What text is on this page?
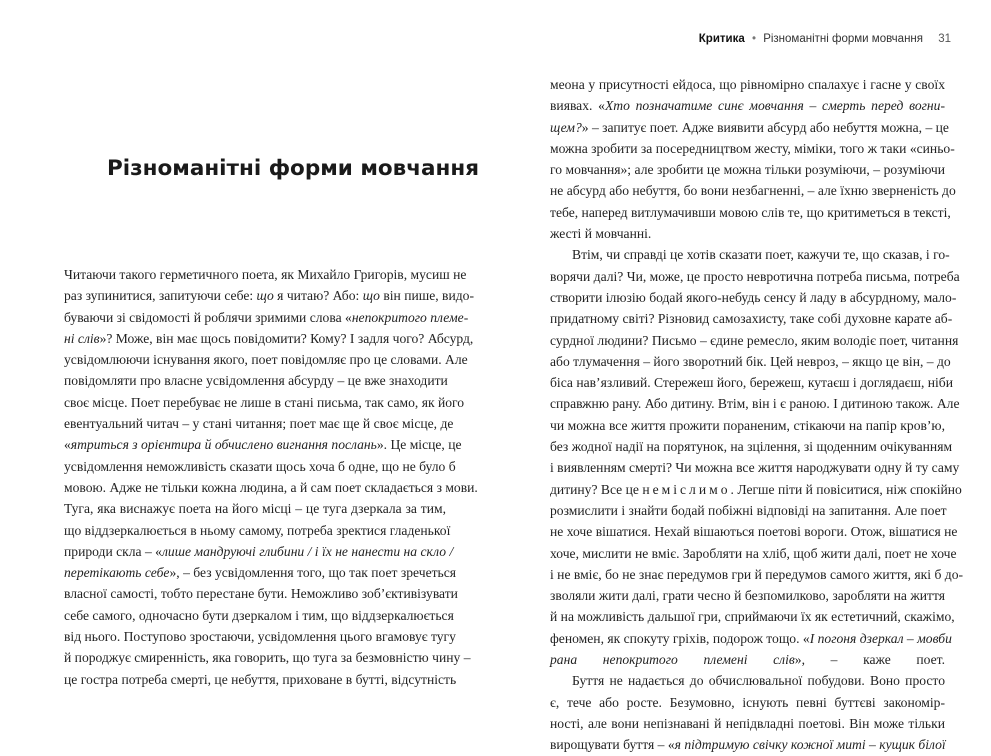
Різноманітні форми мовчання
Читаючи такого герметичного поета, як Михайло Григорів, мусиш не
раз зупинитися, запитуючи себе: що я читаю? Або: що він пише, видо-
буваючи зі свідомості й роблячи зримими слова «непокритого племе-
ні слів»? Може, він має щось повідомити? Кому? І задля чого? Абсурд,
усвідомлюючи існування якого, поет повідомляє про це словами. Але
повідомляти про власне усвідомлення абсурду – це вже знаходити
своє місце. Поет перебуває не лише в стані письма, так само, як його
евентуальний читач – у стані читання; поет має ще й своє місце, де
«ятриться з орієнтира й обчислено вигнання послань». Це місце, це
усвідомлення неможливість сказати щось хоча б одне, що не було б
мовою. Адже не тільки кожна людина, а й сам поет складається з мови.
Туга, яка виснажує поета на його місці – це туга дзеркала за тим,
що віддзеркалюється в ньому самому, потреба зректися гладенької
природи скла – «лише мандруючі глибини / і їх не нанести на скло /
перетікають себе», – без усвідомлення того, що так поет зречеться
власної самості, тобто перестане бути. Неможливо зоб’єктивізувати
себе самого, одночасно бути дзеркалом і тим, що віддзеркалюється
від нього. Поступово зростаючи, усвідомлення цього вгамовує тугу
й породжує смиренність, яка говорить, що туга за безмовністю чину –
це гостра потреба смерті, це небуття, приховане в бутті, відсутність
Критика • Різноманітні форми мовчання 31
меона у присутності ейдоса, що рівномірно спалахує і гасне у своїх
виявах. «Хто позначатиме синє мовчання – смерть перед вогни-
щем?» – запитує поет. Адже виявити абсурд або небуття можна, – це
можна зробити за посередництвом жесту, міміки, того ж таки «синьо-
го мовчання»; але зробити це можна тільки розуміючи, – розуміючи
не абсурд або небуття, бо вони незбагненні, – але їхню зверненість до
тебе, наперед витлумачивши мовою слів те, що критиметься в тексті,
жесті й мовчанні.
Втім, чи справді це хотів сказати поет, кажучи те, що сказав, і го-
ворячи далі? Чи, може, це просто невротична потреба письма, потреба
створити ілюзію бодай якого-небудь сенсу й ладу в абсурдному, мало-
придатному світі? Різновид самозахисту, таке собі духовне карате аб-
сурдної людини? Письмо – єдине ремесло, яким володіє поет, читання
або тлумачення – його зворотний бік. Цей невроз, – якщо це він, – до
біса нав’язливий. Стережеш його, бережеш, кутаєш і доглядаєш, ніби
справжню рану. Або дитину. Втім, він і є раною. І дитиною також. Але
чи можна все життя прожити пораненим, стікаючи на папір кров’ю,
без жодної надії на порятунок, на зцілення, зі щоденним очікуванням
і виявленням смерті? Чи можна все життя народжувати одну й ту саму
дитину? Все це неміслимо. Легше піти й повіситися, ніж спокійно
розмислити і знайти бодай побіжні відповіді на запитання. Але поет
не хоче вішатися. Нехай вішаються поетові вороги. Отож, вішатися не
хоче, мислити не вміє. Заробляти на хліб, щоб жити далі, поет не хоче
і не вміє, бо не знає передумов гри й передумов самого життя, які б до-
зволяли жити далі, грати чесно й безпомилково, заробляти на життя
й на можливість дальшої гри, сприймаючи їх як естетичний, скажімо,
феномен, як спокуту гріхів, подорож тощо. «І погоня дзеркал – мовби
рана непокритого племені слів», – каже поет.
Буття не надається до обчислювальної побудови. Воно просто
є, тече або росте. Безумовно, існують певні буттєві закономір-
ності, але вони непізнавані й непідвладні поетові. Він може тільки
вирощувати буття – «я підтримую свічку кожної миті – кущик білої
